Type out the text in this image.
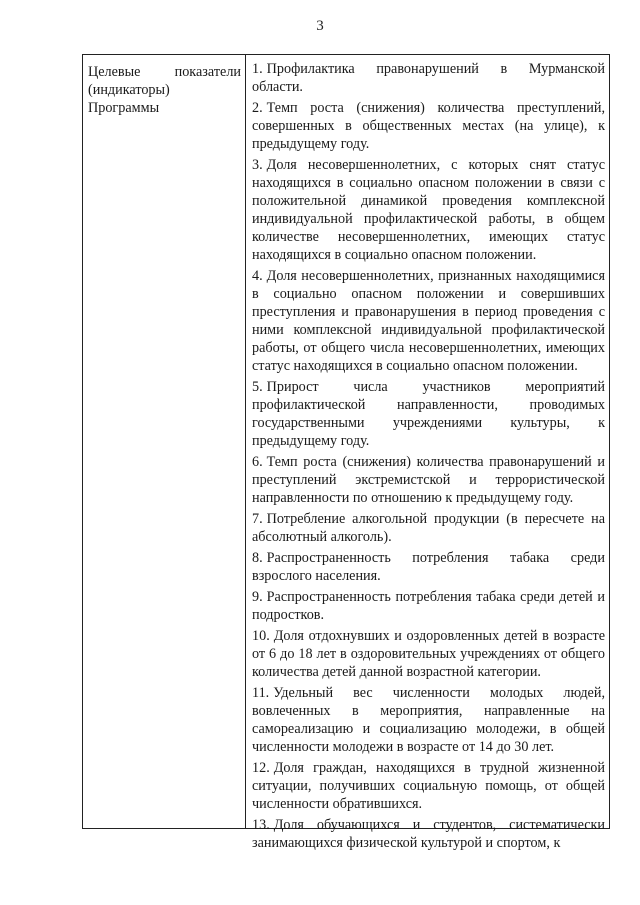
3
Целевые показатели
(индикаторы)
Программы

1. Профилактика правонарушений в Мурманской области.

2. Темп роста (снижения) количества преступлений, совершенных в общественных местах (на улице), к предыдущему году.

3. Доля несовершеннолетних, с которых снят статус находящихся в социально опасном положении в связи с положительной динамикой проведения комплексной индивидуальной профилактической работы, в общем количестве несовершеннолетних, имеющих статус находящихся в социально опасном положении.

4. Доля несовершеннолетних, признанных находящимися в социально опасном положении и совершивших преступления и правонарушения в период проведения с ними комплексной индивидуальной профилактической работы, от общего числа несовершеннолетних, имеющих статус находящихся в социально опасном положении.

5. Прирост числа участников мероприятий профилактической направленности, проводимых государственными учреждениями культуры, к предыдущему году.

6. Темп роста (снижения) количества правонарушений и преступлений экстремистской и террористической направленности по отношению к предыдущему году.

7. Потребление алкогольной продукции (в пересчете на абсолютный алкоголь).

8. Распространенность потребления табака среди взрослого населения.

9. Распространенность потребления табака среди детей и подростков.

10. Доля отдохнувших и оздоровленных детей в возрасте от 6 до 18 лет в оздоровительных учреждениях от общего количества детей данной возрастной категории.

11. Удельный вес численности молодых людей, вовлеченных в мероприятия, направленные на самореализацию и социализацию молодежи, в общей численности молодежи в возрасте от 14 до 30 лет.

12. Доля граждан, находящихся в трудной жизненной ситуации, получивших социальную помощь, от общей численности обратившихся.

13. Доля обучающихся и студентов, систематически занимающихся физической культурой и спортом, к
